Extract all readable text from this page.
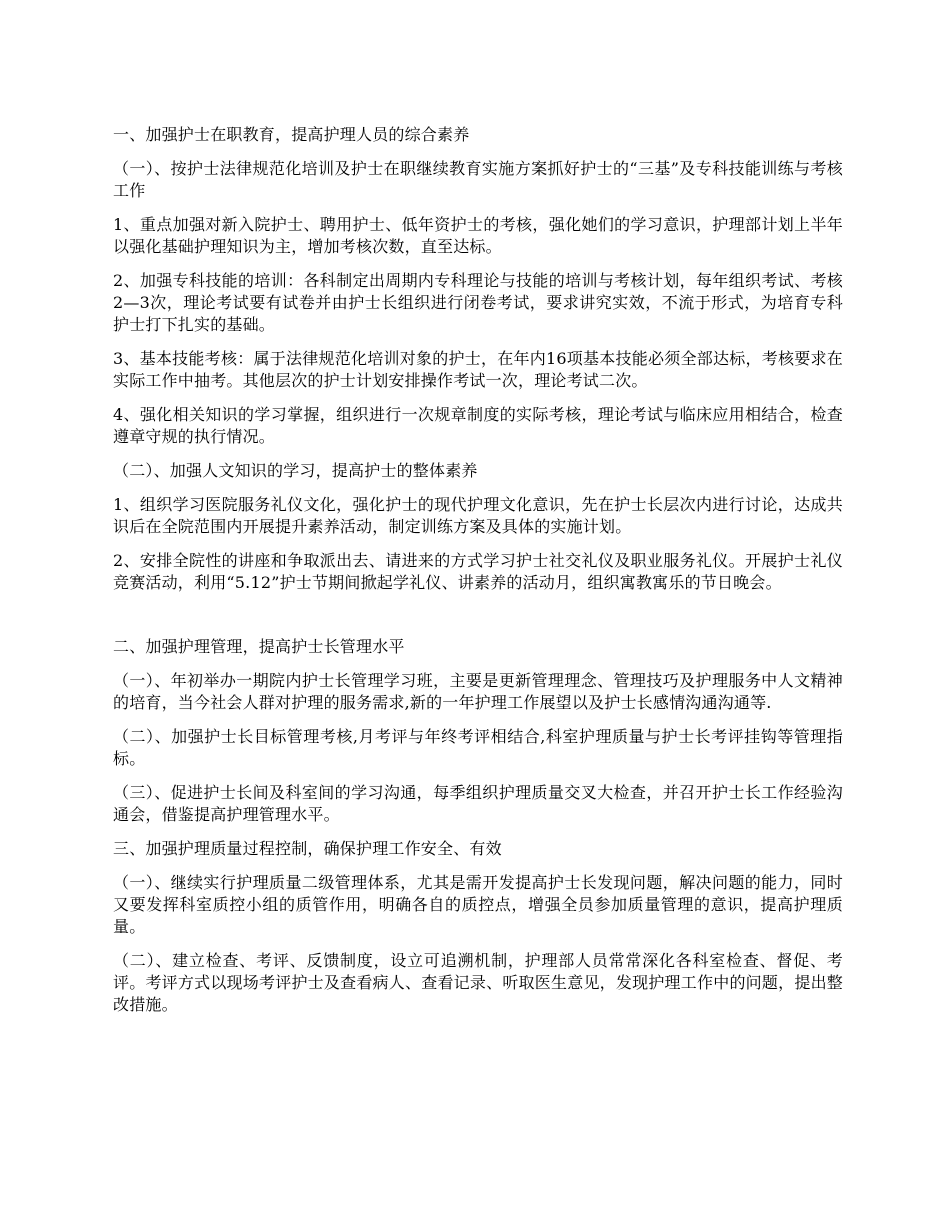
一、加强护士在职教育，提高护理人员的综合素养

（一）、按护士法律规范化培训及护士在职继续教育实施方案抓好护士的“三基”及专科技能训练与考核工作

1、重点加强对新入院护士、聘用护士、低年资护士的考核，强化她们的学习意识，护理部计划上半年以强化基础护理知识为主，增加考核次数，直至达标。

2、加强专科技能的培训：各科制定出周期内专科理论与技能的培训与考核计划，每年组织考试、考核2—3次，理论考试要有试卷并由护士长组织进行闭卷考试，要求讲究实效，不流于形式，为培育专科护士打下扎实的基础。

3、基本技能考核：属于法律规范化培训对象的护士，在年内16项基本技能必须全部达标，考核要求在实际工作中抽考。其他层次的护士计划安排操作考试一次，理论考试二次。

4、强化相关知识的学习掌握，组织进行一次规章制度的实际考核，理论考试与临床应用相结合，检查遵章守规的执行情况。

（二）、加强人文知识的学习，提高护士的整体素养

1、组织学习医院服务礼仪文化，强化护士的现代护理文化意识，先在护士长层次内进行讨论，达成共识后在全院范围内开展提升素养活动，制定训练方案及具体的实施计划。

2、安排全院性的讲座和争取派出去、请进来的方式学习护士社交礼仪及职业服务礼仪。开展护士礼仪竞赛活动，利用“5.12”护士节期间掀起学礼仪、讲素养的活动月，组织寓教寓乐的节日晚会。

二、加强护理管理，提高护士长管理水平

（一）、年初举办一期院内护士长管理学习班，主要是更新管理理念、管理技巧及护理服务中人文精神的培育，当今社会人群对护理的服务需求,新的一年护理工作展望以及护士长感情沟通沟通等.

（二）、加强护士长目标管理考核,月考评与年终考评相结合,科室护理质量与护士长考评挂钩等管理指标。

（三）、促进护士长间及科室间的学习沟通，每季组织护理质量交叉大检查，并召开护士长工作经验沟通会，借鉴提高护理管理水平。

三、加强护理质量过程控制，确保护理工作安全、有效

（一）、继续实行护理质量二级管理体系，尤其是需开发提高护士长发现问题，解决问题的能力，同时又要发挥科室质控小组的质管作用，明确各自的质控点，增强全员参加质量管理的意识，提高护理质量。

（二）、建立检查、考评、反馈制度，设立可追溯机制，护理部人员常常深化各科室检查、督促、考评。考评方式以现场考评护士及查看病人、查看记录、听取医生意见，发现护理工作中的问题，提出整改措施。
